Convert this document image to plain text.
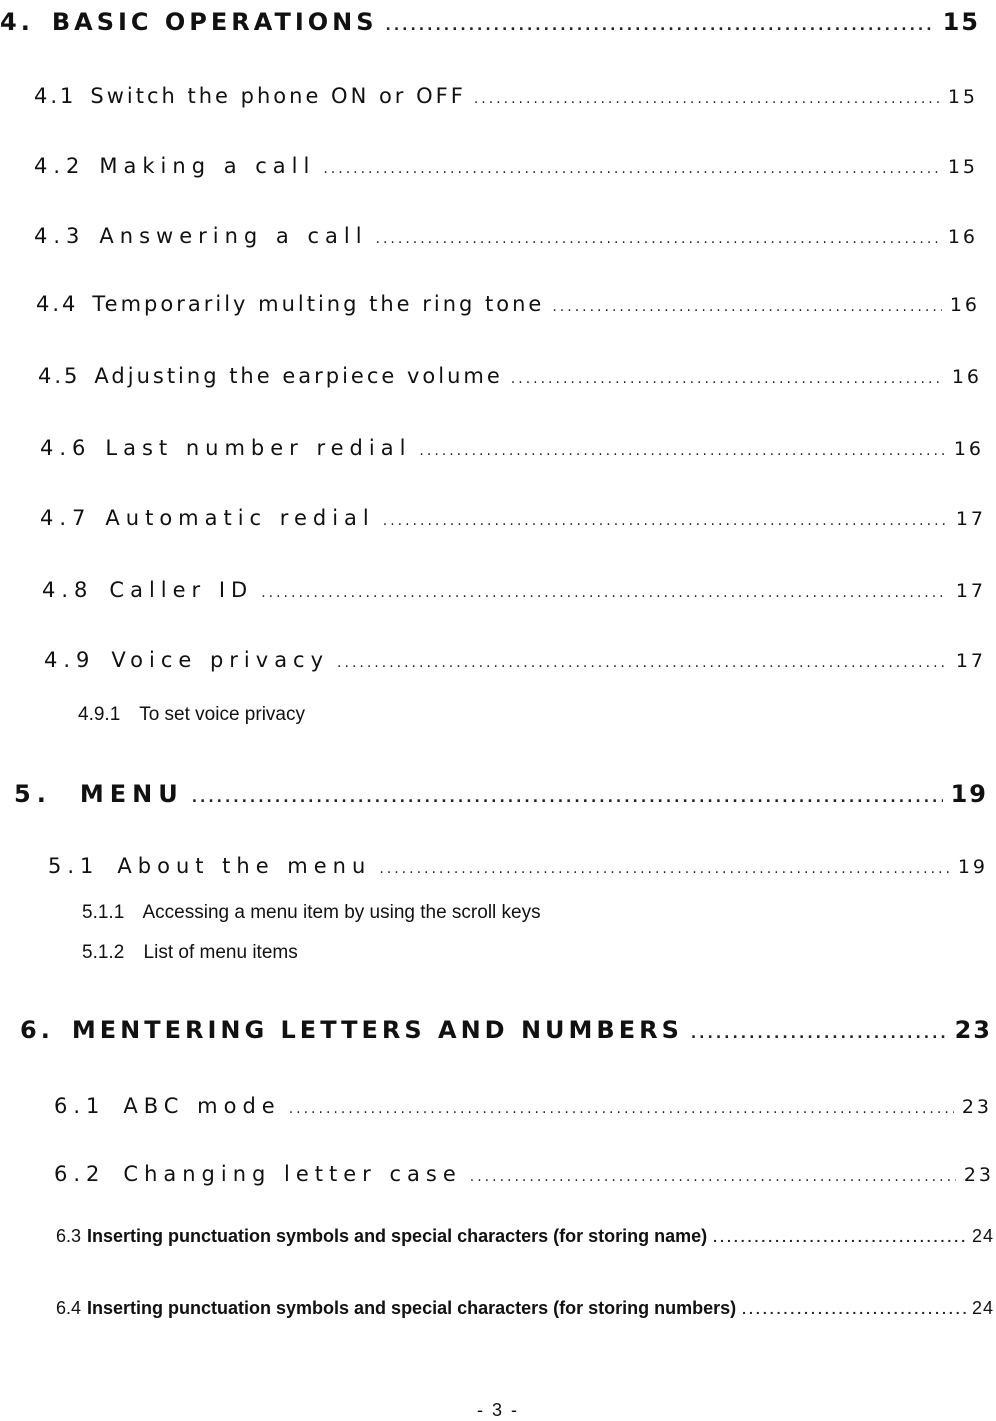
4. BASIC OPERATIONS .....	15
4.1 Switch the phone ON or OFF .....	15
4.2 Making a call .....	15
4.3 Answering a call .....	16
4.4 Temporarily multing the ring tone .....	16
4.5 Adjusting the earpiece volume .....	16
4.6 Last number redial .....	16
4.7 Automatic redial .....	17
4.8 Caller ID .....	17
4.9 Voice privacy .....	17
4.9.1 To set voice privacy
5. MENU .....	19
5.1 About the menu .....	19
5.1.1 Accessing a menu item by using the scroll keys
5.1.2 List of menu items
6. MENTERING LETTERS AND NUMBERS .....	23
6.1 ABC mode .....	23
6.2 Changing letter case .....	23
6.3 Inserting punctuation symbols and special characters (for storing name) .....	24
6.4 Inserting punctuation symbols and special characters (for storing numbers) .....	24
- 3 -
